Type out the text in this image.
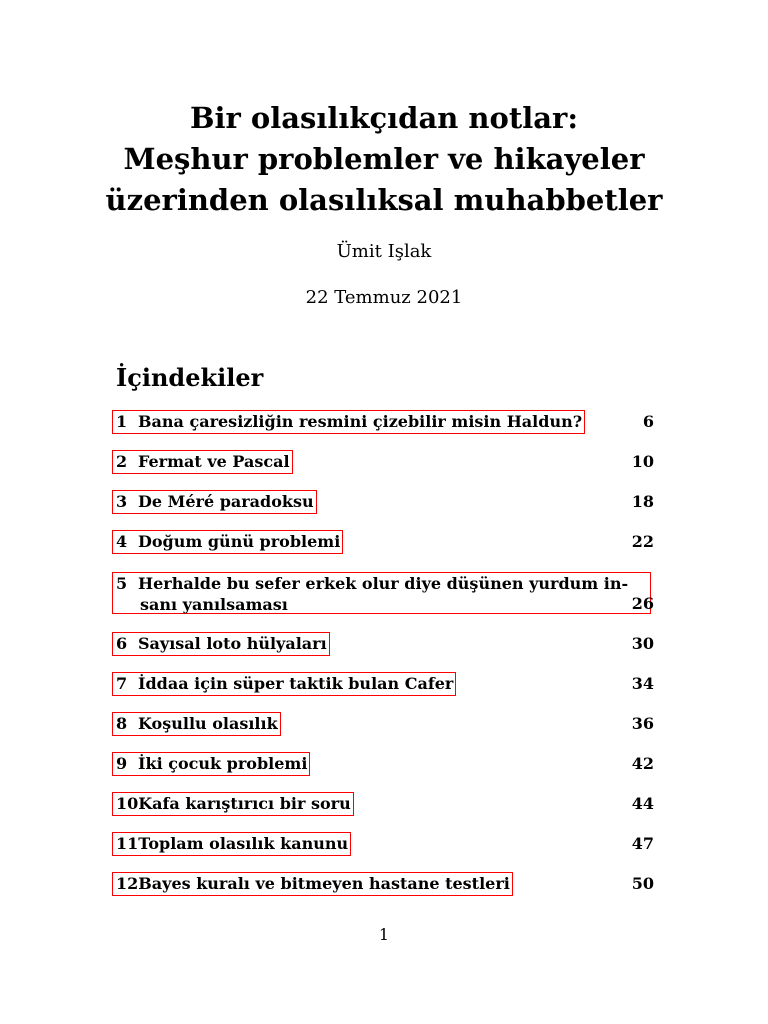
Bir olasılıkçıdan notlar:
Meşhur problemler ve hikayeler
üzerinden olasılıksal muhabbetler
Ümit Işlak
22 Temmuz 2021
İçindekiler
1 Bana çaresizliğin resmini çizebilir misin Haldun?	6
2 Fermat ve Pascal	10
3 De Méré paradoksu	18
4 Doğum günü problemi	22
5 Herhalde bu sefer erkek olur diye düşünen yurdum in-
sanı yanılsaması	26
6 Sayısal loto hülyaları	30
7 İddaa için süper taktik bulan Cafer	34
8 Koşullu olasılık	36
9 İki çocuk problemi	42
10Kafa karıştırıcı bir soru	44
11Toplam olasılık kanunu	47
12Bayes kuralı ve bitmeyen hastane testleri	50
1
